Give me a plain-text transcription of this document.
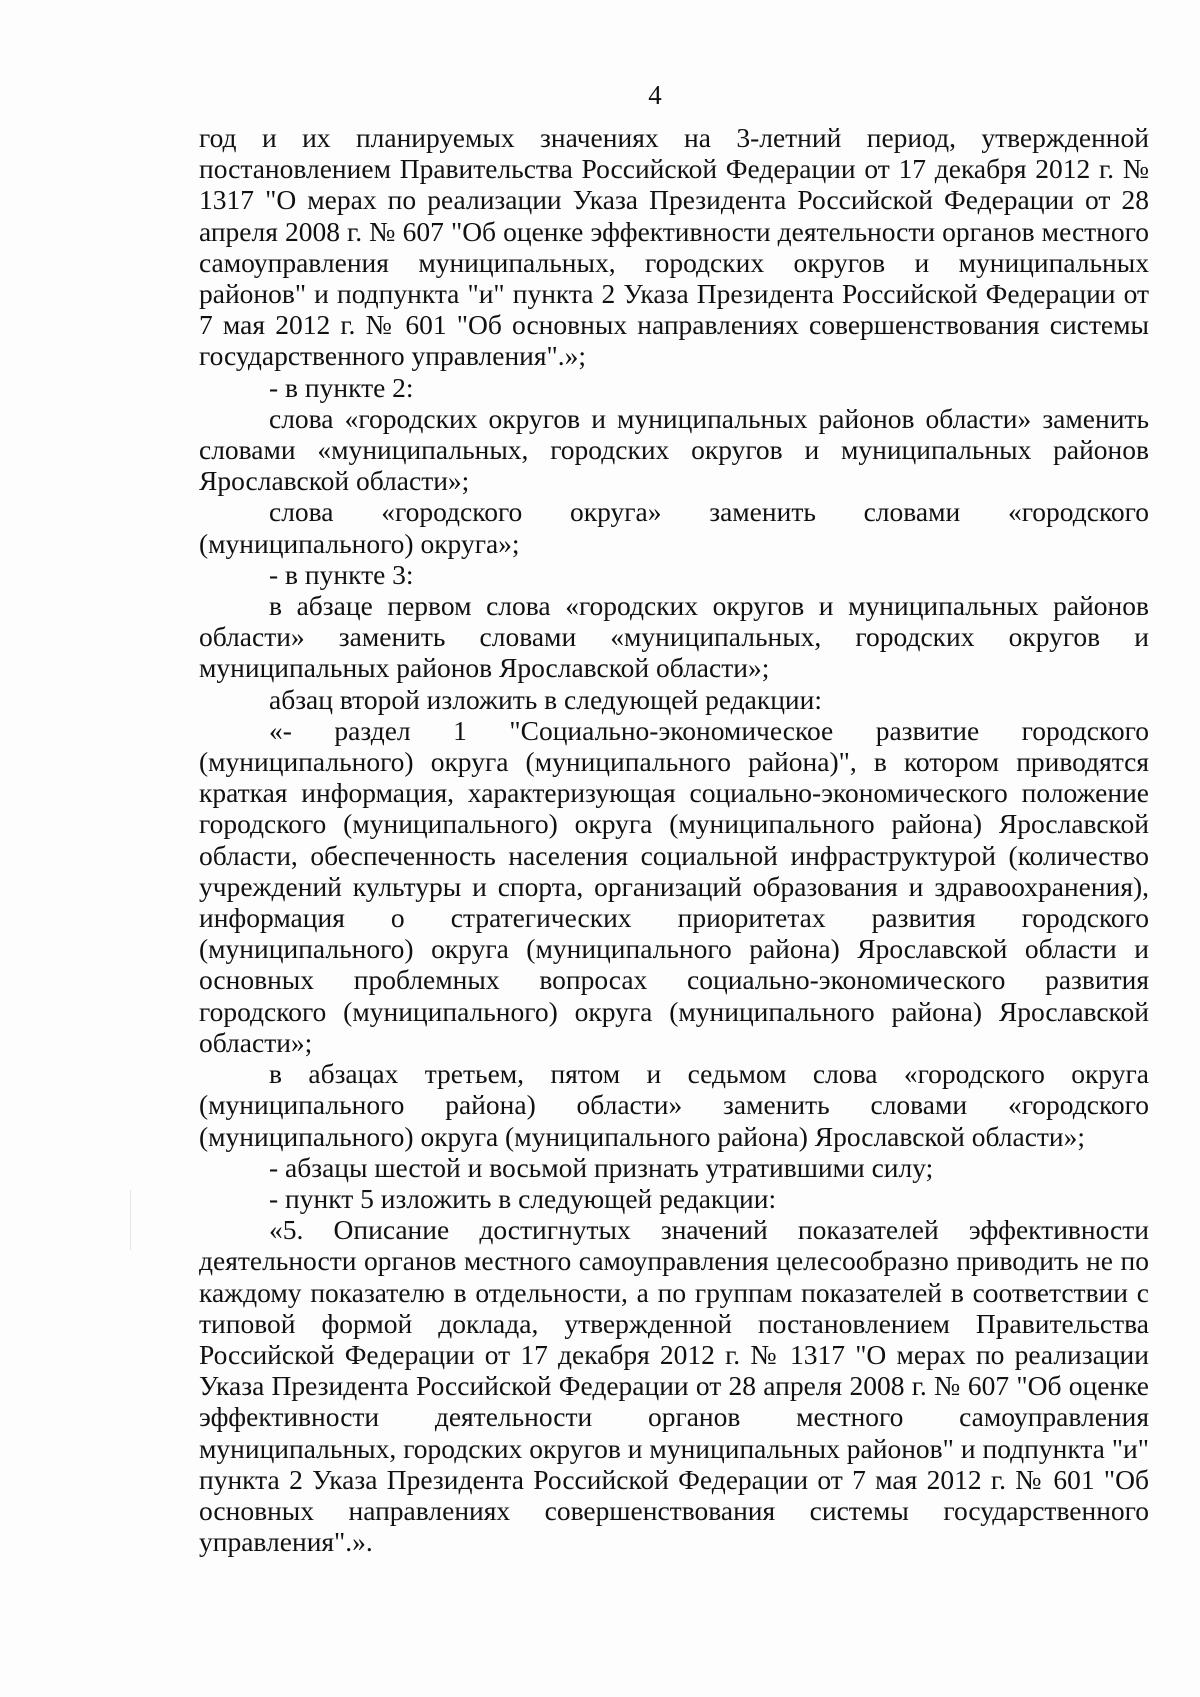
4

год и их планируемых значениях на 3-летний период, утвержденной постановлением Правительства Российской Федерации от 17 декабря 2012 г. № 1317 "О мерах по реализации Указа Президента Российской Федерации от 28 апреля 2008 г. № 607 "Об оценке эффективности деятельности органов местного самоуправления муниципальных, городских округов и муниципальных районов" и подпункта "и" пункта 2 Указа Президента Российской Федерации от 7 мая 2012 г. № 601 "Об основных направлениях совершенствования системы государственного управления".»;

- в пункте 2:

слова «городских округов и муниципальных районов области» заменить словами «муниципальных, городских округов и муниципальных районов Ярославской области»;

слова «городского округа» заменить словами «городского (муниципального) округа»;

- в пункте 3:

в абзаце первом слова «городских округов и муниципальных районов области» заменить словами «муниципальных, городских округов и муниципальных районов Ярославской области»;

абзац второй изложить в следующей редакции:

«- раздел 1 "Социально-экономическое развитие городского (муниципального) округа (муниципального района)", в котором приводятся краткая информация, характеризующая социально-экономического положение городского (муниципального) округа (муниципального района) Ярославской области, обеспеченность населения социальной инфраструктурой (количество учреждений культуры и спорта, организаций образования и здравоохранения), информация о стратегических приоритетах развития городского (муниципального) округа (муниципального района) Ярославской области и основных проблемных вопросах социально-экономического развития городского (муниципального) округа (муниципального района) Ярославской области»;

в абзацах третьем, пятом и седьмом слова «городского округа (муниципального района) области» заменить словами «городского (муниципального) округа (муниципального района) Ярославской области»;

- абзацы шестой и восьмой признать утратившими силу;

- пункт 5 изложить в следующей редакции:

«5. Описание достигнутых значений показателей эффективности деятельности органов местного самоуправления целесообразно приводить не по каждому показателю в отдельности, а по группам показателей в соответствии с типовой формой доклада, утвержденной постановлением Правительства Российской Федерации от 17 декабря 2012 г. № 1317 "О мерах по реализации Указа Президента Российской Федерации от 28 апреля 2008 г. № 607 "Об оценке эффективности деятельности органов местного самоуправления муниципальных, городских округов и муниципальных районов" и подпункта "и" пункта 2 Указа Президента Российской Федерации от 7 мая 2012 г. № 601 "Об основных направлениях совершенствования системы государственного управления".».
